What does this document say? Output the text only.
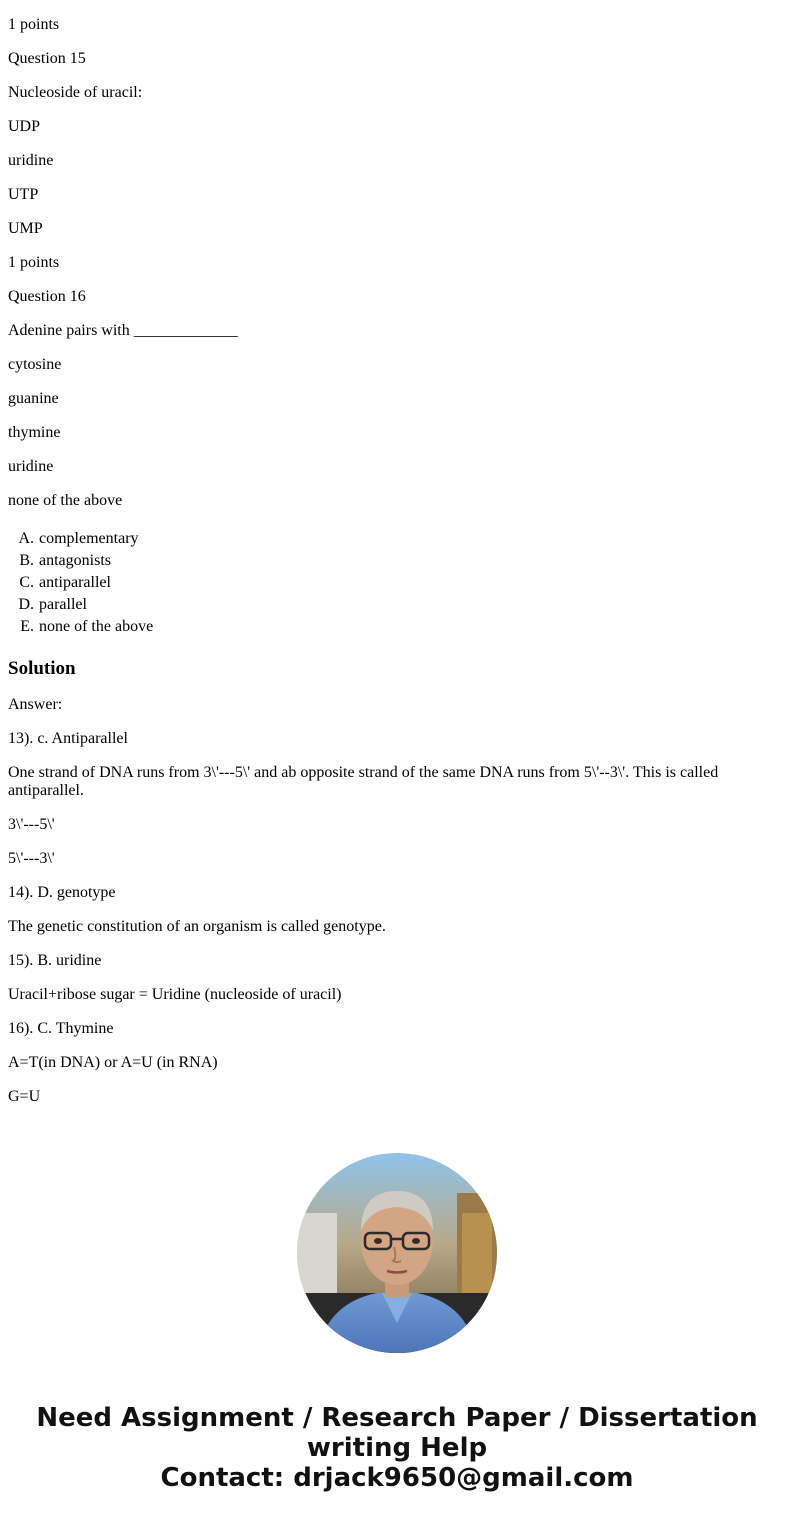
1 points

Question 15

Nucleoside of uracil:

UDP

uridine

UTP

UMP

1 points

Question 16

Adenine pairs with _____________

cytosine

guanine

thymine

uridine

none of the above

A. complementary
B. antagonists
C. antiparallel
D. parallel
E. none of the above
Solution

Answer:

13). c. Antiparallel

One strand of DNA runs from 3\'---5\' and ab opposite strand of the same DNA runs from 5\'--3\'. This is called antiparallel.

3\'---5\'

5\'---3\'

14). D. genotype

The genetic constitution of an organism is called genotype.

15). B. uridine

Uracil+ribose sugar = Uridine (nucleoside of uracil)

16). C. Thymine

A=T(in DNA) or A=U (in RNA)

G=U

Need Assignment / Research Paper / Dissertation
writing Help
Contact: drjack9650@gmail.com
